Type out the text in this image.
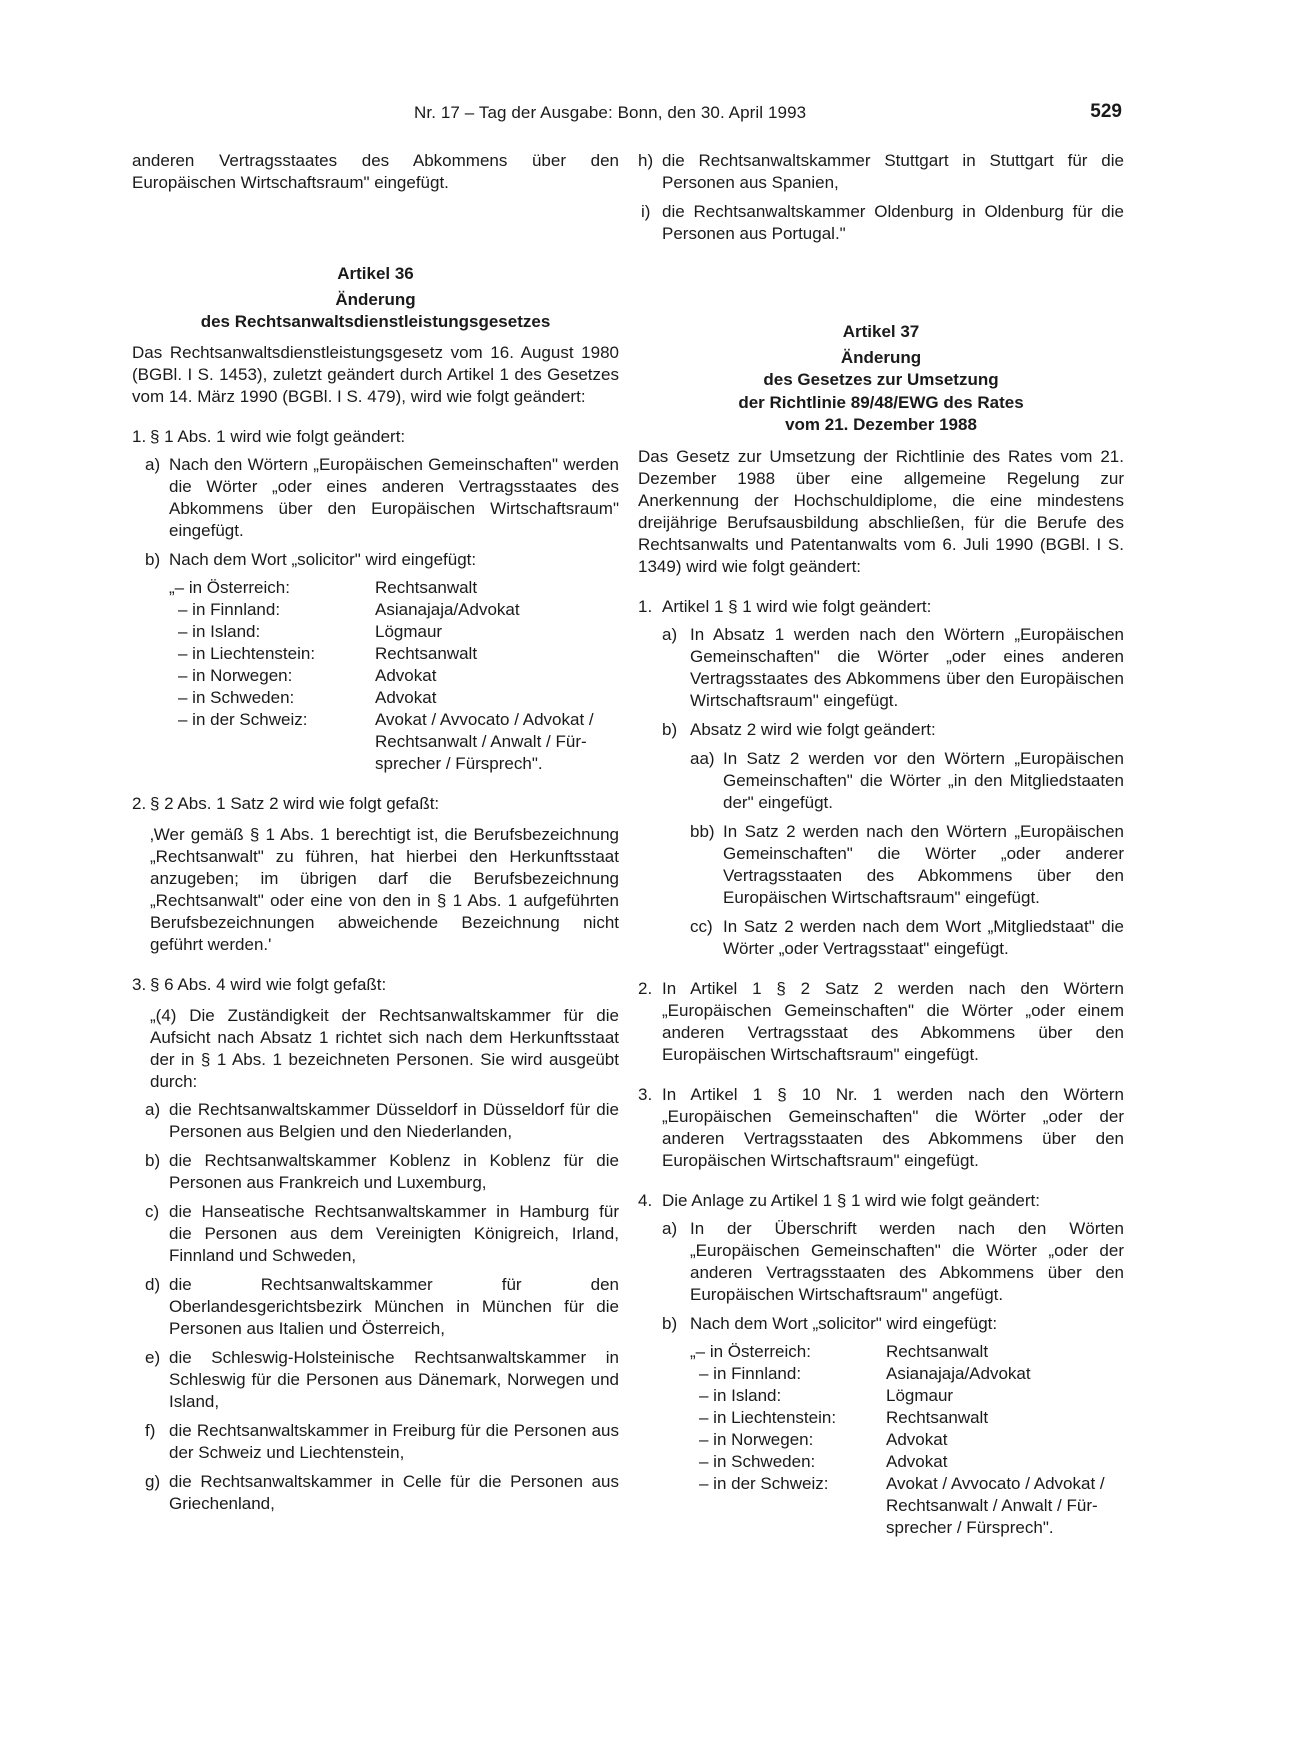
Nr. 17 – Tag der Ausgabe: Bonn, den 30. April 1993	529

anderen Vertragsstaates des Abkommens über den Europäischen Wirtschaftsraum" eingefügt.

Artikel 36
Änderung
des Rechtsanwaltsdienstleistungsgesetzes

Das Rechtsanwaltsdienstleistungsgesetz vom 16. August 1980 (BGBl. I S. 1453), zuletzt geändert durch Artikel 1 des Gesetzes vom 14. März 1990 (BGBl. I S. 479), wird wie folgt geändert:

1. § 1 Abs. 1 wird wie folgt geändert:

a) Nach den Wörtern „Europäischen Gemeinschaften" werden die Wörter „oder eines anderen Vertragsstaates des Abkommens über den Europäischen Wirtschaftsraum" eingefügt.

b) Nach dem Wort „solicitor" wird eingefügt:

„– in Österreich:	Rechtsanwalt
– in Finnland:	Asianajaja/Advokat
– in Island:	Lögmaur
– in Liechtenstein:	Rechtsanwalt
– in Norwegen:	Advokat
– in Schweden:	Advokat
– in der Schweiz:	Avokat / Avvocato / Advokat /
Rechtsanwalt / Anwalt / Für-
sprecher / Fürsprech".
2. § 2 Abs. 1 Satz 2 wird wie folgt gefaßt:

‚Wer gemäß § 1 Abs. 1 berechtigt ist, die Berufsbezeichnung „Rechtsanwalt" zu führen, hat hierbei den Herkunftsstaat anzugeben; im übrigen darf die Berufsbezeichnung „Rechtsanwalt" oder eine von den in § 1 Abs. 1 aufgeführten Berufsbezeichnungen abweichende Bezeichnung nicht geführt werden.'

3. § 6 Abs. 4 wird wie folgt gefaßt:

„(4) Die Zuständigkeit der Rechtsanwaltskammer für die Aufsicht nach Absatz 1 richtet sich nach dem Herkunftsstaat der in § 1 Abs. 1 bezeichneten Personen. Sie wird ausgeübt durch:

a) die Rechtsanwaltskammer Düsseldorf in Düsseldorf für die Personen aus Belgien und den Niederlanden,

b) die Rechtsanwaltskammer Koblenz in Koblenz für die Personen aus Frankreich und Luxemburg,

c) die Hanseatische Rechtsanwaltskammer in Hamburg für die Personen aus dem Vereinigten Königreich, Irland, Finnland und Schweden,

d) die Rechtsanwaltskammer für den Oberlandesgerichtsbezirk München in München für die Personen aus Italien und Österreich,

e) die Schleswig-Holsteinische Rechtsanwaltskammer in Schleswig für die Personen aus Dänemark, Norwegen und Island,

f) die Rechtsanwaltskammer in Freiburg für die Personen aus der Schweiz und Liechtenstein,

g) die Rechtsanwaltskammer in Celle für die Personen aus Griechenland,

h) die Rechtsanwaltskammer Stuttgart in Stuttgart für die Personen aus Spanien,

i) die Rechtsanwaltskammer Oldenburg in Oldenburg für die Personen aus Portugal."

Artikel 37
Änderung
des Gesetzes zur Umsetzung
der Richtlinie 89/48/EWG des Rates
vom 21. Dezember 1988

Das Gesetz zur Umsetzung der Richtlinie des Rates vom 21. Dezember 1988 über eine allgemeine Regelung zur Anerkennung der Hochschuldiplome, die eine mindestens dreijährige Berufsausbildung abschließen, für die Berufe des Rechtsanwalts und Patentanwalts vom 6. Juli 1990 (BGBl. I S. 1349) wird wie folgt geändert:

1. Artikel 1 § 1 wird wie folgt geändert:

a) In Absatz 1 werden nach den Wörtern „Europäischen Gemeinschaften" die Wörter „oder eines anderen Vertragsstaates des Abkommens über den Europäischen Wirtschaftsraum" eingefügt.

b) Absatz 2 wird wie folgt geändert:

aa) In Satz 2 werden vor den Wörtern „Europäischen Gemeinschaften" die Wörter „in den Mitgliedstaaten der" eingefügt.

bb) In Satz 2 werden nach den Wörtern „Europäischen Gemeinschaften" die Wörter „oder anderer Vertragsstaaten des Abkommens über den Europäischen Wirtschaftsraum" eingefügt.

cc) In Satz 2 werden nach dem Wort „Mitgliedstaat" die Wörter „oder Vertragsstaat" eingefügt.

2. In Artikel 1 § 2 Satz 2 werden nach den Wörtern „Europäischen Gemeinschaften" die Wörter „oder einem anderen Vertragsstaat des Abkommens über den Europäischen Wirtschaftsraum" eingefügt.

3. In Artikel 1 § 10 Nr. 1 werden nach den Wörtern „Europäischen Gemeinschaften" die Wörter „oder der anderen Vertragsstaaten des Abkommens über den Europäischen Wirtschaftsraum" eingefügt.

4. Die Anlage zu Artikel 1 § 1 wird wie folgt geändert:

a) In der Überschrift werden nach den Wörten „Europäischen Gemeinschaften" die Wörter „oder der anderen Vertragsstaaten des Abkommens über den Europäischen Wirtschaftsraum" angefügt.

b) Nach dem Wort „solicitor" wird eingefügt:

„– in Österreich:	Rechtsanwalt
– in Finnland:	Asianajaja/Advokat
– in Island:	Lögmaur
– in Liechtenstein:	Rechtsanwalt
– in Norwegen:	Advokat
– in Schweden:	Advokat
– in der Schweiz:	Avokat / Avvocato / Advokat /
Rechtsanwalt / Anwalt / Für-
sprecher / Fürsprech".
